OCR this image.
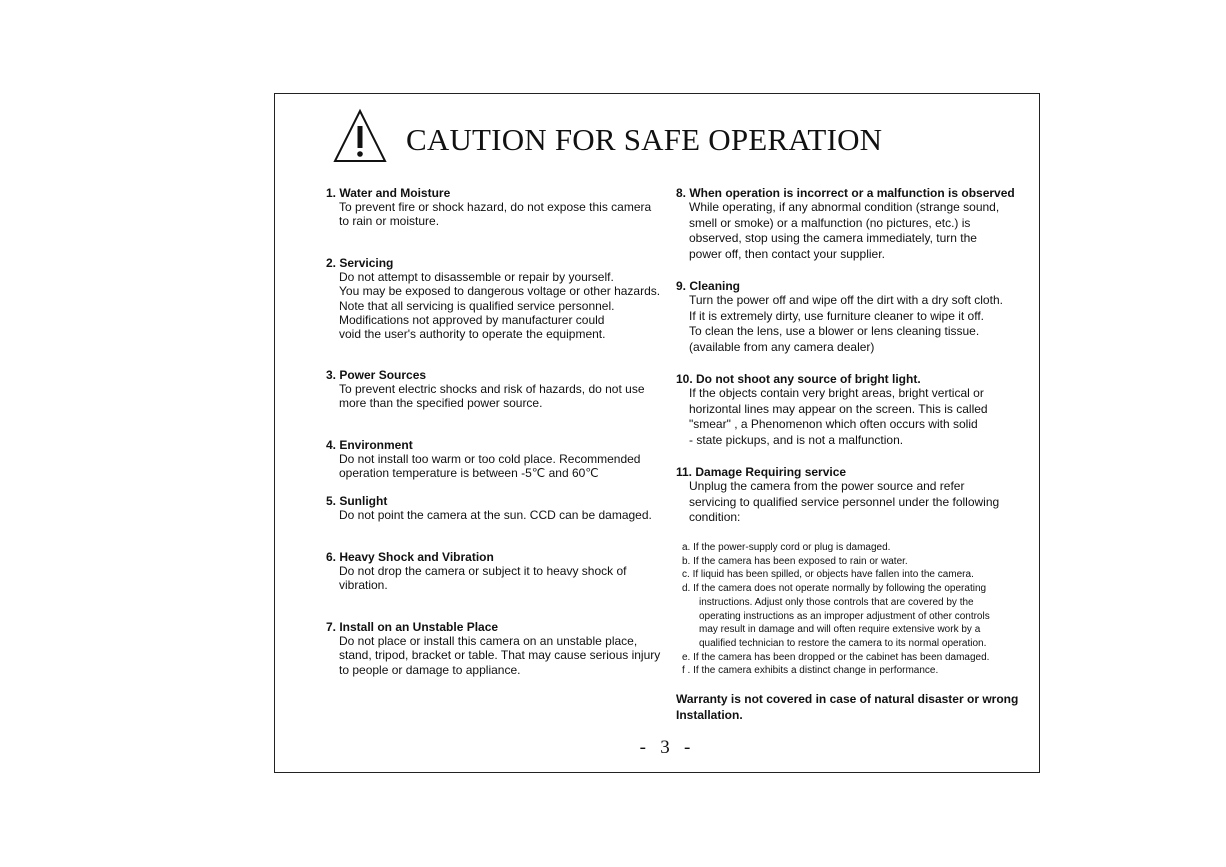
CAUTION FOR SAFE OPERATION
1. Water and Moisture
To prevent fire or shock hazard, do not expose this camera
to rain or moisture.
2. Servicing
Do not attempt to disassemble or repair by yourself.
You may be exposed to dangerous voltage or other hazards.
Note that all servicing is qualified service personnel.
Modifications not approved by manufacturer could
void the user's authority to operate the equipment.
3. Power Sources
To prevent electric shocks and risk of hazards, do not use
more than the specified power source.
4. Environment
Do not install too warm or too cold place. Recommended
operation temperature is between -5℃ and 60℃
5. Sunlight
Do not point the camera at the sun. CCD can be damaged.
6. Heavy Shock and Vibration
Do not drop the camera or subject it to heavy shock of
vibration.
7. Install on an Unstable Place
Do not place or install this camera on an unstable place,
stand, tripod, bracket or table. That may cause serious injury
to people or damage to appliance.
8. When operation is incorrect or a malfunction is observed
While operating, if any abnormal condition (strange sound,
smell or smoke) or a malfunction (no pictures, etc.) is
observed, stop using the camera immediately, turn the
power off, then contact your supplier.
9. Cleaning
Turn the power off and wipe off the dirt with a dry soft cloth.
If it is extremely dirty, use furniture cleaner to wipe it off.
To clean the lens, use a blower or lens cleaning tissue.
(available from any camera dealer)
10. Do not shoot any source of bright light.
If the objects contain very bright areas, bright vertical or
horizontal lines may appear on the screen. This is called
"smear" , a Phenomenon which often occurs with solid
- state pickups, and is not a malfunction.
11. Damage Requiring service
Unplug the camera from the power source and refer
servicing to qualified service personnel under the following
condition:
a. If the power-supply cord or plug is damaged.
b. If the camera has been exposed to rain or water.
c. If liquid has been spilled, or objects have fallen into the camera.
d. If the camera does not operate normally by following the operating
instructions. Adjust only those controls that are covered by the
operating instructions as an improper adjustment of other controls
may result in damage and will often require extensive work by a
qualified technician to restore the camera to its normal operation.
e. If the camera has been dropped or the cabinet has been damaged.
f . If the camera exhibits a distinct change in performance.
Warranty is not covered in case of natural disaster or wrong
Installation.
-   3   -
